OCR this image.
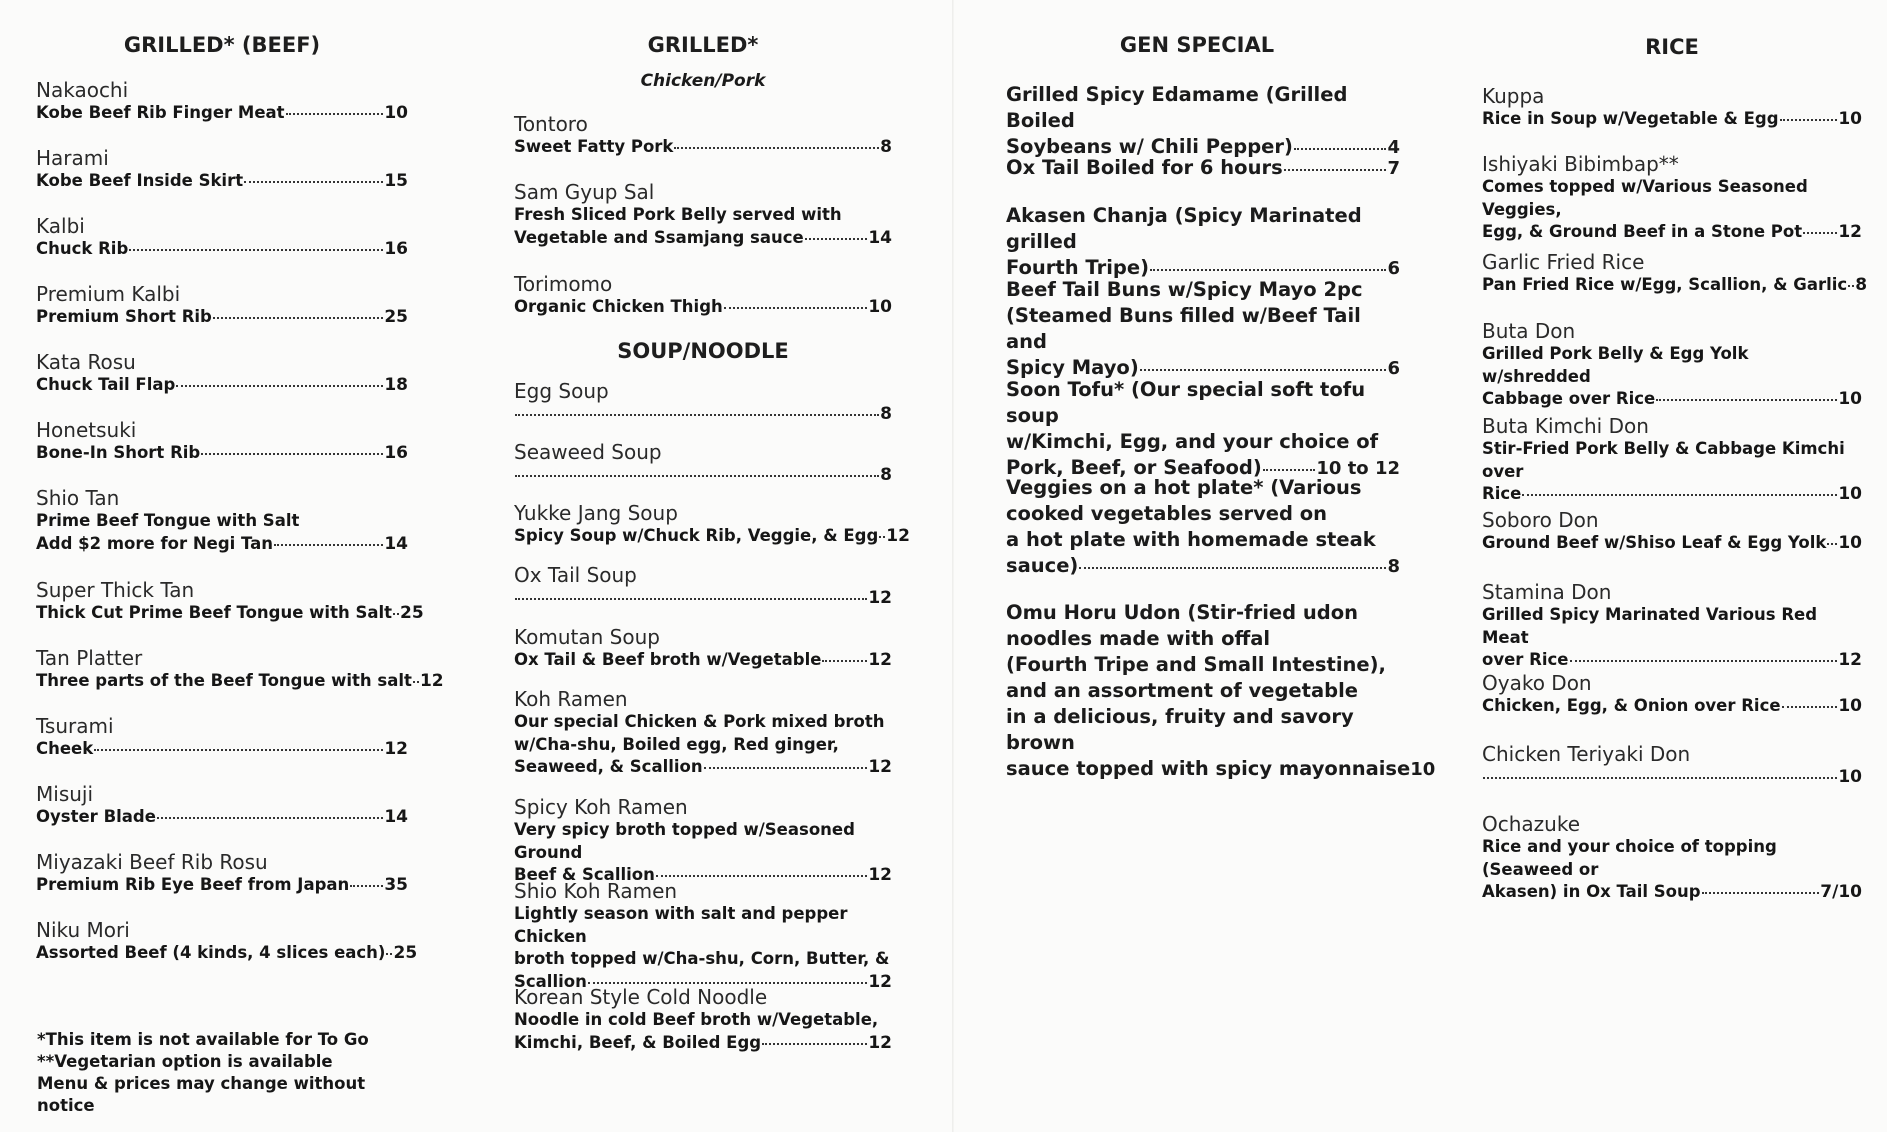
GRILLED* (BEEF)
Nakaochi
Kobe Beef Rib Finger Meat	10
Harami
Kobe Beef Inside Skirt	15
Kalbi
Chuck Rib	16
Premium Kalbi
Premium Short Rib	25
Kata Rosu
Chuck Tail Flap	18
Honetsuki
Bone-In Short Rib	16
Shio Tan
Prime Beef Tongue with Salt
Add $2 more for Negi Tan	14
Super Thick Tan
Thick Cut Prime Beef Tongue with Salt 25
Tan Platter
Three parts of the Beef Tongue with salt 12
Tsurami
Cheek	12
Misuji
Oyster Blade	14
Miyazaki Beef Rib Rosu
Premium Rib Eye Beef from Japan 35
Niku Mori
Assorted Beef (4 kinds, 4 slices each) 25
*This item is not available for To Go
**Vegetarian option is available
Menu & prices may change without notice
GRILLED*
Chicken/Pork
Tontoro
Sweet Fatty Pork	8
Sam Gyup Sal
Fresh Sliced Pork Belly served with
Vegetable and Ssamjang sauce	14
Torimomo
Organic Chicken Thigh	10
SOUP/NOODLE
Egg Soup
8
Seaweed Soup
8
Yukke Jang Soup
Spicy Soup w/Chuck Rib, Veggie, & Egg 12
Ox Tail Soup
12
Komutan Soup
Ox Tail & Beef broth w/Vegetable	12
Koh Ramen
Our special Chicken & Pork mixed broth
w/Cha-shu, Boiled egg, Red ginger,
Seaweed, & Scallion	12
Spicy Koh Ramen
Very spicy broth topped w/Seasoned Ground
Beef & Scallion	12
Shio Koh Ramen
Lightly season with salt and pepper Chicken
broth topped w/Cha-shu, Corn, Butter, &
Scallion	12
Korean Style Cold Noodle
Noodle in cold Beef broth w/Vegetable,
Kimchi, Beef, & Boiled Egg	12
GEN SPECIAL
Grilled Spicy Edamame (Grilled Boiled
Soybeans w/ Chili Pepper)	4
Ox Tail Boiled for 6 hours	7
Akasen Chanja (Spicy Marinated grilled
Fourth Tripe)	6
Beef Tail Buns w/Spicy Mayo 2pc
(Steamed Buns filled w/Beef Tail and
Spicy Mayo)	6
Soon Tofu* (Our special soft tofu soup
w/Kimchi, Egg, and your choice of
Pork, Beef, or Seafood)	10 to 12
Veggies on a hot plate* (Various
cooked vegetables served on
a hot plate with homemade steak
sauce)	8
Omu Horu Udon (Stir-fried udon
noodles made with offal
(Fourth Tripe and Small Intestine),
and an assortment of vegetable
in a delicious, fruity and savory
brown
sauce topped with spicy mayonnaise 10
RICE
Kuppa
Rice in Soup w/Vegetable & Egg	10
Ishiyaki Bibimbap**
Comes topped w/Various Seasoned Veggies,
Egg, & Ground Beef in a Stone Pot 12
Garlic Fried Rice
Pan Fried Rice w/Egg, Scallion, & Garlic 8
Buta Don
Grilled Pork Belly & Egg Yolk w/shredded
Cabbage over Rice	10
Buta Kimchi Don
Stir-Fried Pork Belly & Cabbage Kimchi over
Rice	10
Soboro Don
Ground Beef w/Shiso Leaf & Egg Yolk 10
Stamina Don
Grilled Spicy Marinated Various Red Meat
over Rice	12
Oyako Don
Chicken, Egg, & Onion over Rice	10
Chicken Teriyaki Don
10
Ochazuke
Rice and your choice of topping (Seaweed or
Akasen) in Ox Tail Soup	7/10
